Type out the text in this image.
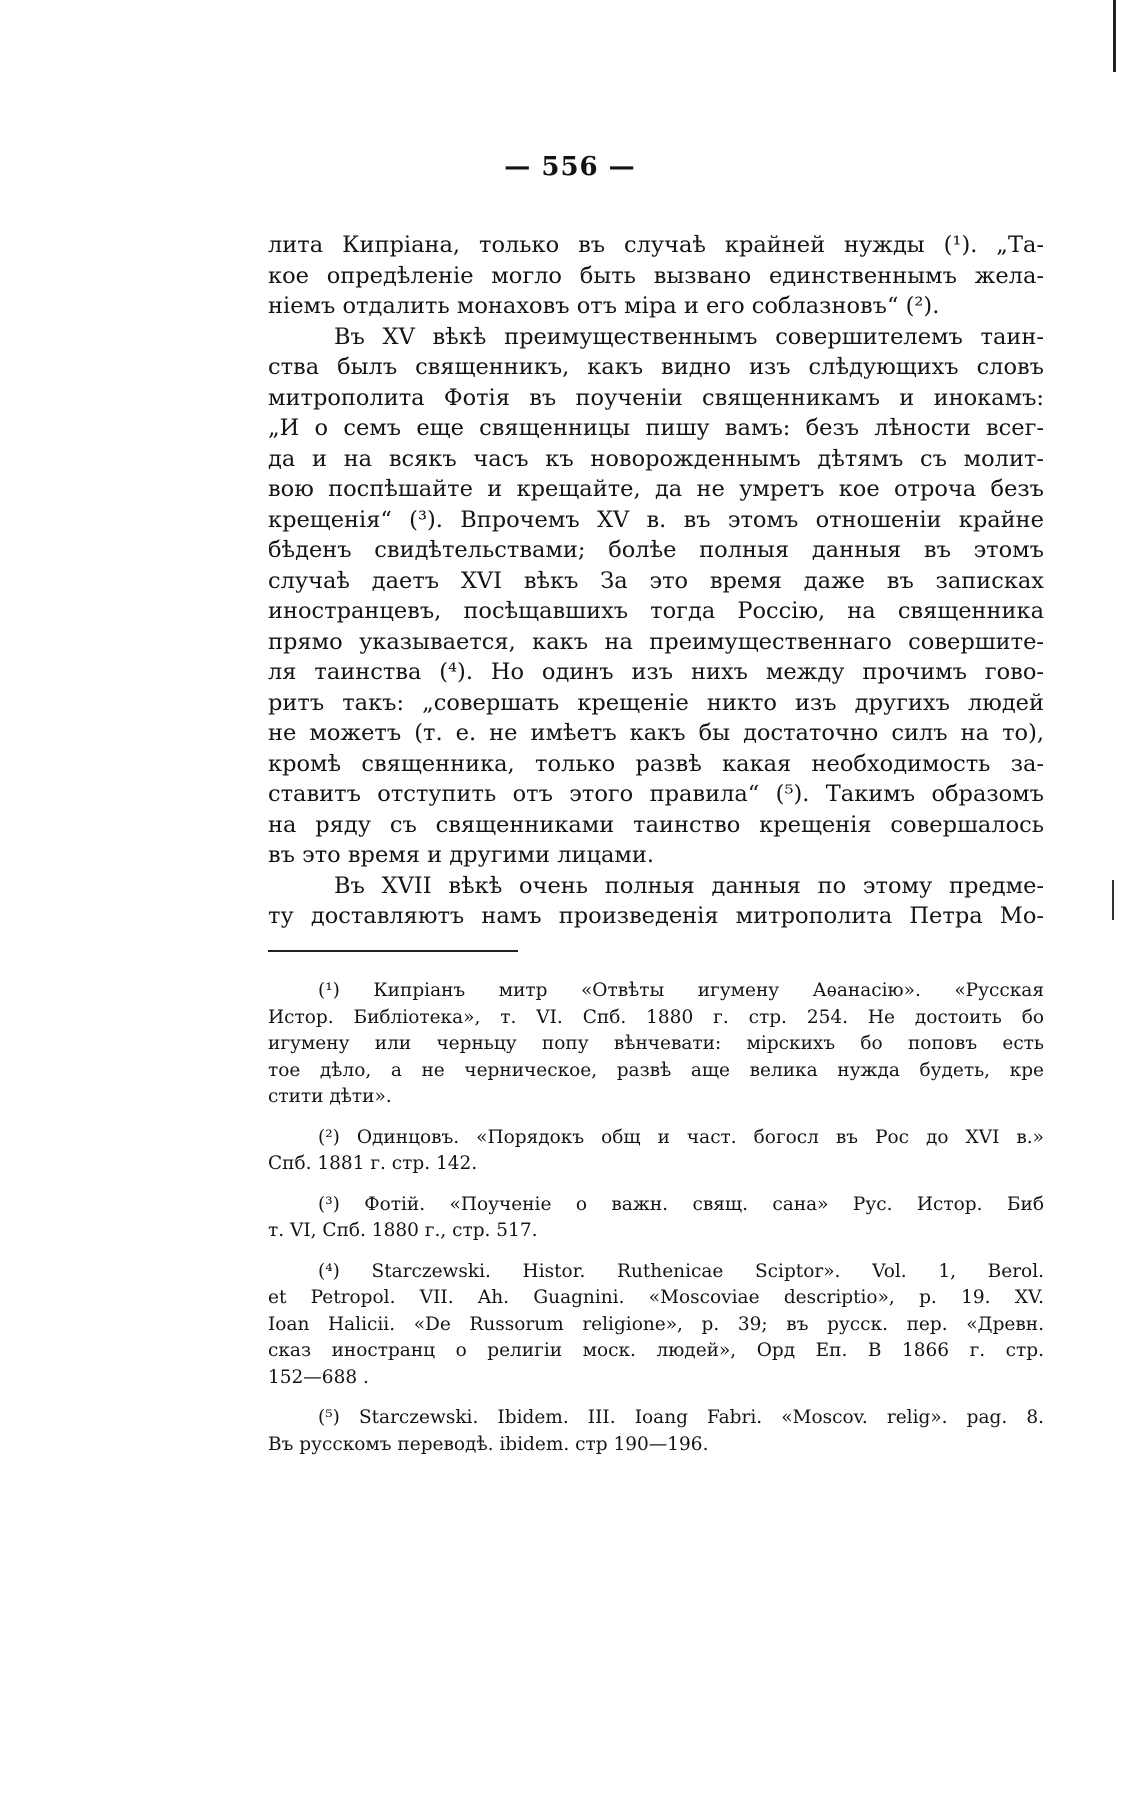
— 556 —
лита Кипріана, только въ случаѣ крайней нужды (¹). „Та-
кое опредѣленіе могло быть вызвано единственнымъ жела-
ніемъ отдалить монаховъ отъ міра и его соблазновъ“ (²).
Въ XV вѣкѣ преимущественнымъ совершителемъ таин-
ства былъ священникъ, какъ видно изъ слѣдующихъ словъ
митрополита Фотія въ поученіи священникамъ и инокамъ:
„И о семъ еще священницы пишу вамъ: безъ лѣности всег-
да и на всякъ часъ къ новорожденнымъ дѣтямъ съ молит-
вою поспѣшайте и крещайте, да не умретъ кое отроча безъ
крещенія“ (³). Впрочемъ XV в. въ этомъ отношеніи крайне
бѣденъ свидѣтельствами; болѣе полныя данныя въ этомъ
случаѣ даетъ XVI вѣкъ За это время даже въ записках
иностранцевъ, посѣщавшихъ тогда Россію, на священника
прямо указывается, какъ на преимущественнаго совершите-
ля таинства (⁴). Но одинъ изъ нихъ между прочимъ гово-
ритъ такъ: „совершать крещеніе никто изъ другихъ людей
не можетъ (т. е. не имѣетъ какъ бы достаточно силъ на то),
кромѣ священника, только развѣ какая необходимость за-
ставитъ отступить отъ этого правила“ (⁵). Такимъ образомъ
на ряду съ священниками таинство крещенія совершалось
въ это время и другими лицами.
Въ XVII вѣкѣ очень полныя данныя по этому предме-
ту доставляютъ намъ произведенія митрополита Петра Мо-
(¹) Кипріанъ митр «Отвѣты игумену Аѳанасію». «Русская
Истор. Библіотека», т. VI. Спб. 1880 г. стр. 254. Не достоить бо
игумену или черньцу попу вѣнчевати: мірскихъ бо поповъ есть
тое дѣло, а не черническое, развѣ аще велика нужда будеть, кре
стити дѣти».
(²) Одинцовъ. «Порядокъ общ и част. богосл въ Рос до XVI в.»
Спб. 1881 г. стр. 142.
(³) Фотій. «Поученіе о важн. свящ. сана» Рус. Истор. Биб
т. VI, Спб. 1880 г., стр. 517.
(⁴) Starczewski. Histor. Ruthenicae Sciptor». Vol. 1, Berol.
et Petropol. VII. Ah. Guagnini. «Moscoviae descriptio», p. 19. XV.
Ioan Halicii. «De Russorum religione», p. 39; въ русск. пер. «Древн.
сказ иностранц о религіи моск. людей», Орд Еп. В 1866 г. стр.
152—688 .
(⁵) Starczewski. Ibidem. III. Ioang Fabri. «Moscov. relig». pag. 8.
Въ русскомъ переводѣ. ibidem. стр 190—196.
